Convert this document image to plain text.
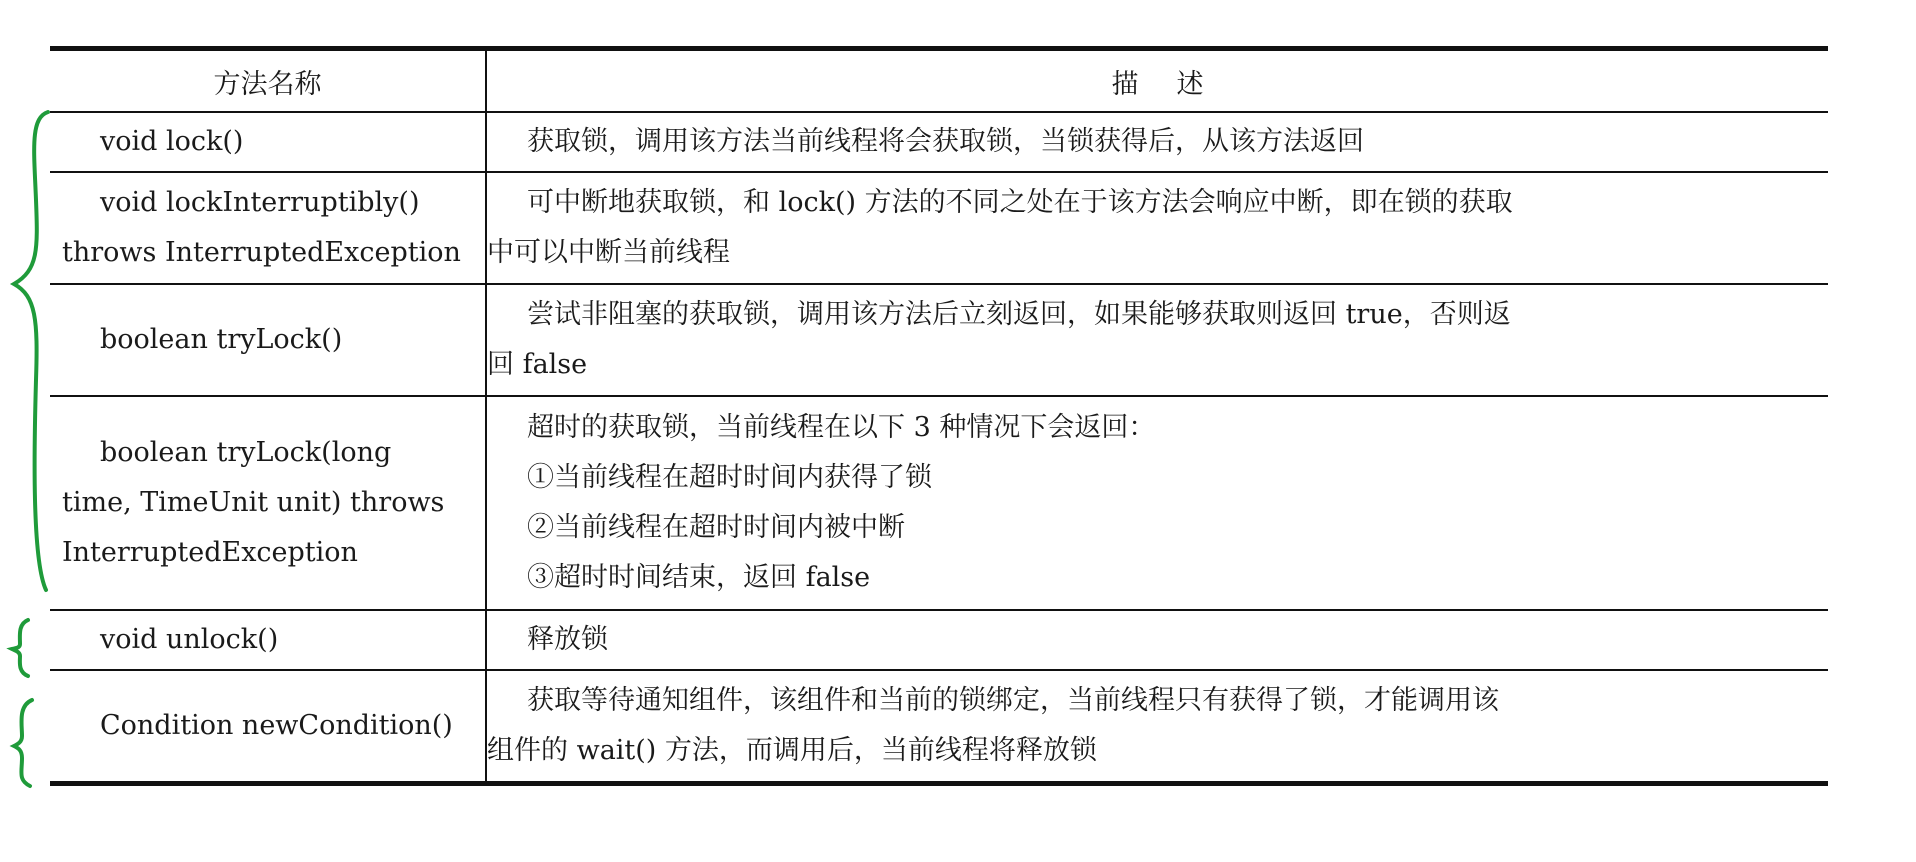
方法名称	描述

void lock()	获取锁，调用该方法当前线程将会获取锁，当锁获得后，从该方法返回

void lockInterruptibly()
throws InterruptedException	可中断地获取锁，和 lock() 方法的不同之处在于该方法会响应中断，即在锁的获取
中可以中断当前线程

boolean tryLock()	尝试非阻塞的获取锁，调用该方法后立刻返回，如果能够获取则返回 true，否则返
回 false

boolean tryLock(long
time, TimeUnit unit) throws
InterruptedException	超时的获取锁，当前线程在以下 3 种情况下会返回：
①当前线程在超时时间内获得了锁
②当前线程在超时时间内被中断
③超时时间结束，返回 false

void unlock()	释放锁

Condition newCondition()	获取等待通知组件，该组件和当前的锁绑定，当前线程只有获得了锁，才能调用该
组件的 wait() 方法，而调用后，当前线程将释放锁
